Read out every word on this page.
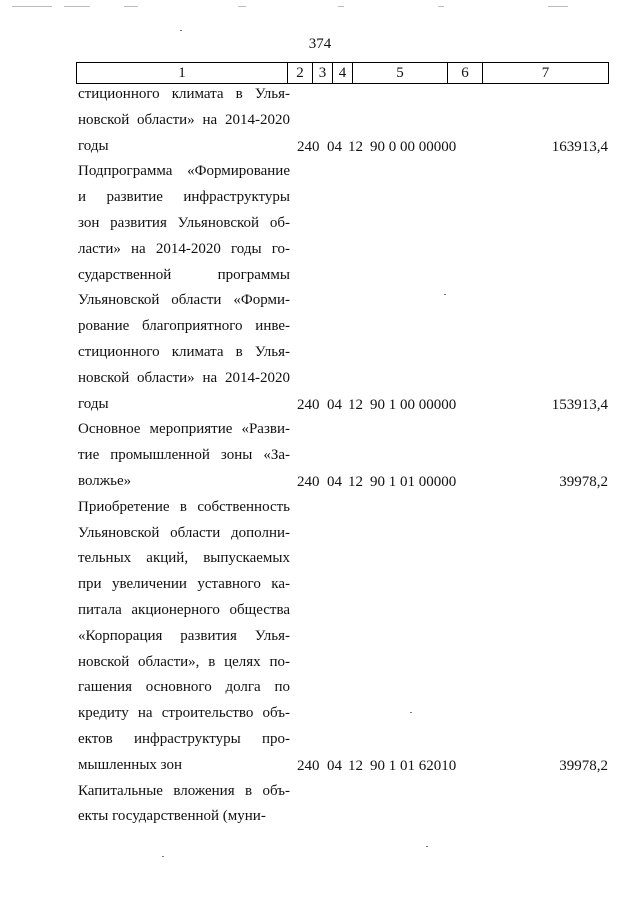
374
1	2	3	4	5	6	7
стиционного климата в Улья-
новской области» на 2014-2020
годы	240 04 12 90 0 00 00000	163913,4
Подпрограмма «Формирование
и развитие инфраструктуры
зон развития Ульяновской об-
ласти» на 2014-2020 годы го-
сударственной программы
Ульяновской области «Форми-
рование благоприятного инве-
стиционного климата в Улья-
новской области» на 2014-2020
годы	240 04 12 90 1 00 00000	153913,4
Основное мероприятие «Разви-
тие промышленной зоны «За-
волжье»	240 04 12 90 1 01 00000	39978,2
Приобретение в собственность
Ульяновской области дополни-
тельных акций, выпускаемых
при увеличении уставного ка-
питала акционерного общества
«Корпорация развития Улья-
новской области», в целях по-
гашения основного долга по
кредиту на строительство объ-
ектов инфраструктуры про-
мышленных зон	240 04 12 90 1 01 62010	39978,2
Капитальные вложения в объ-
екты государственной (муни-
